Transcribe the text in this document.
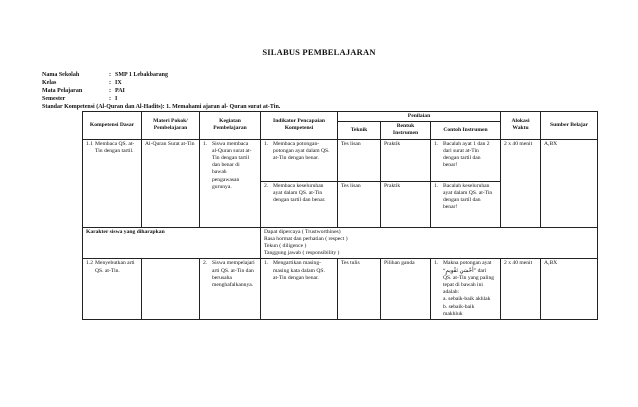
SILABUS PEMBELAJARAN
Nama Sekolah	: SMP 1 Lebakbarang
Kelas	: IX
Mata Pelajaran	: PAI
Semester	: I
Standar Kompetensi (Al-Quran dan Al-Hadits): 1. Memahami ajaran al- Quran surat at-Tin.
Kompetensi Dasar	Materi Pokok/ Pembelajaran	Kegiatan Pembelajaran	Indikator Pencapaian Kompetensi	Penilaian			Alokasi Waktu	Sumber Belajar
				Teknik	Bentuk Instrumen	Contoh Instrumen		
1.1 Membaca QS. at-Tin dengan tartil.	Al-Quran Surat at-Tin	1. Siswa membaca al-Quran surat at-Tin dengan tartil dan benar di bawah pengawasan gurunya.	1. Membaca potongan-potongan ayat dalam QS. at-Tin dengan benar.	Tes lisan	Praktik	1. Bacalah ayat 1 dan 2 dari surat at-Tin dengan tartil dan benar!	2 x 40 menit	A,BX
			2. Membaca keseluruhan ayat dalam QS. at-Tin dengan tartil dan benar.	Tes lisan	Praktik	1. Bacalah keseluruhan ayat dalam QS. at-Tin dengan tartil dan benar!		
Karakter siswa yang diharapkan			Dapat dipercaya ( Trustworthines)
Rasa hormat dan perhatian ( respect )
Tekun ( diligence )
Tanggung jawab ( responsibility )					

1.2 Menyebutkan arti QS. at-Tin.		2. Siswa mempelajari arti QS. at-Tin dan berusaha menghafalkannya.	1. Mengartikan masing-masing kata dalam QS. at-Tin dengan benar.	Tes tulis	Pilihan ganda	1. Makna potongan ayat “أَحْسَنِ تَقْوِيمٍ” dari QS. at-Tin yang paling tepat di bawah ini adalah:
a. sebaik-baik akhlak
b. sebaik-baik makhluk	2 x 40 menit	A,BX
